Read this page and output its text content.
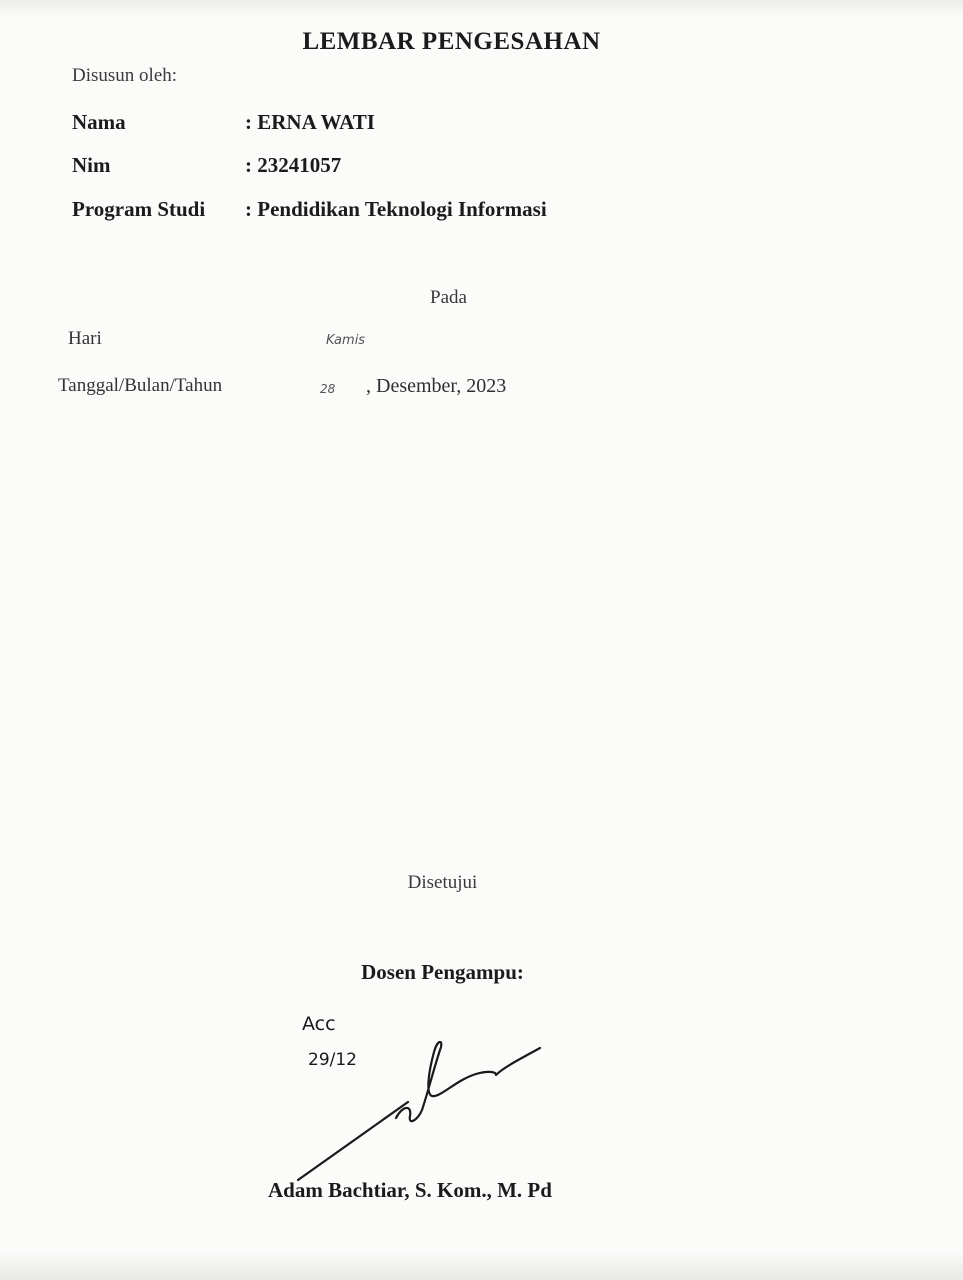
LEMBAR PENGESAHAN
Disusun oleh:
Nama	: ERNA WATI
Nim	: 23241057
Program Studi : Pendidikan Teknologi Informasi
Pada
Hari	Kamis
Tanggal/Bulan/Tahun	28 , Desember, 2023
Disetujui
Dosen Pengampu:
Acc
29/12
Adam Bachtiar, S. Kom., M. Pd
